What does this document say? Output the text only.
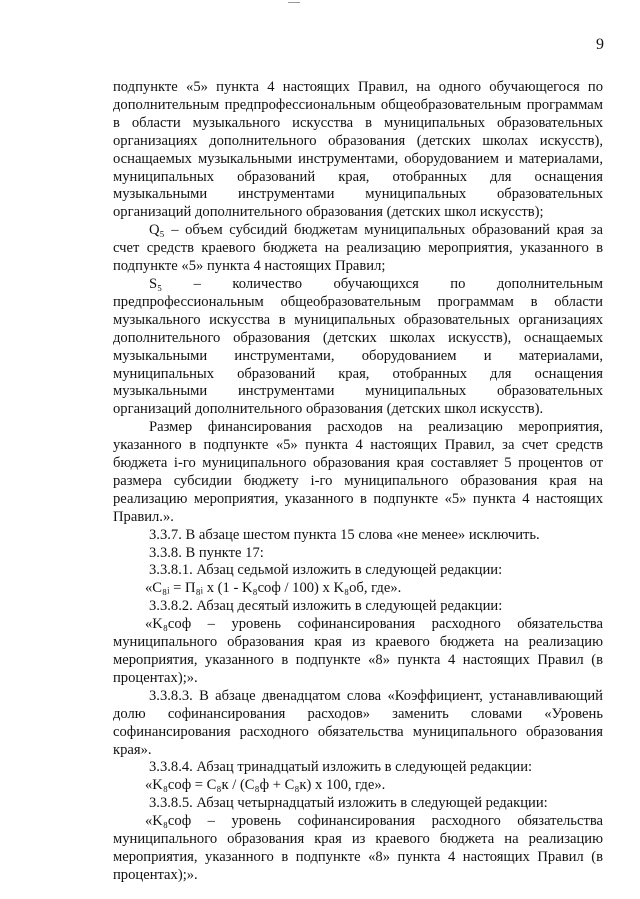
9

подпункте «5» пункта 4 настоящих Правил, на одного обучающегося по дополнительным предпрофессиональным общеобразовательным программам в области музыкального искусства в муниципальных образовательных организациях дополнительного образования (детских школах искусств), оснащаемых музыкальными инструментами, оборудованием и материалами, муниципальных образований края, отобранных для оснащения музыкальными инструментами муниципальных образовательных организаций дополнительного образования (детских школ искусств);

Q₅ – объем субсидий бюджетам муниципальных образований края за счет средств краевого бюджета на реализацию мероприятия, указанного в подпункте «5» пункта 4 настоящих Правил;

S₅ – количество обучающихся по дополнительным предпрофессиональным общеобразовательным программам в области музыкального искусства в муниципальных образовательных организациях дополнительного образования (детских школах искусств), оснащаемых музыкальными инструментами, оборудованием и материалами, муниципальных образований края, отобранных для оснащения музыкальными инструментами муниципальных образовательных организаций дополнительного образования (детских школ искусств).

Размер финансирования расходов на реализацию мероприятия, указанного в подпункте «5» пункта 4 настоящих Правил, за счет средств бюджета i-го муниципального образования края составляет 5 процентов от размера субсидии бюджету i-го муниципального образования края на реализацию мероприятия, указанного в подпункте «5» пункта 4 настоящих Правил.».

3.3.7. В абзаце шестом пункта 15 слова «не менее» исключить.

3.3.8. В пункте 17:

3.3.8.1. Абзац седьмой изложить в следующей редакции:

«C₈ᵢ = П₈ᵢ x (1 - K₈соф / 100) x K₈об, где».

3.3.8.2. Абзац десятый изложить в следующей редакции:

«K₈соф – уровень софинансирования расходного обязательства муниципального образования края из краевого бюджета на реализацию мероприятия, указанного в подпункте «8» пункта 4 настоящих Правил (в процентах);».

3.3.8.3. В абзаце двенадцатом слова «Коэффициент, устанавливающий долю софинансирования расходов» заменить словами «Уровень софинансирования расходного обязательства муниципального образования края».

3.3.8.4. Абзац тринадцатый изложить в следующей редакции:

«K₈соф = C₈к / (C₈ф + C₈к) x 100, где».

3.3.8.5. Абзац четырнадцатый изложить в следующей редакции:

«K₈соф – уровень софинансирования расходного обязательства муниципального образования края из краевого бюджета на реализацию мероприятия, указанного в подпункте «8» пункта 4 настоящих Правил (в процентах);».
